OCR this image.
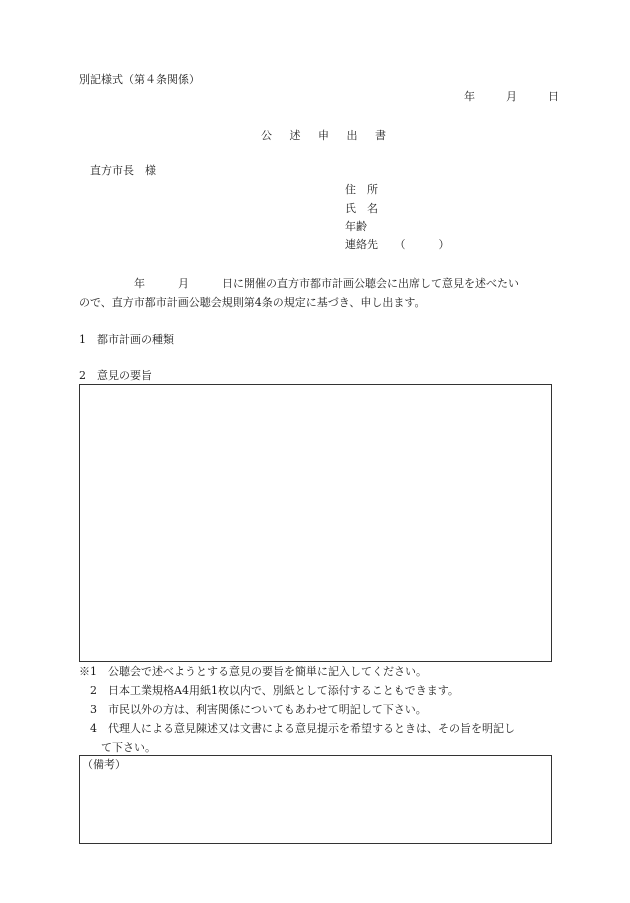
別記様式（第４条関係）
年	月	日
公 述 申 出 書
直方市長　様
住　所
氏　名
年齢
連絡先　　（　　　）
　　　　　年　　　月　　　日に開催の直方市都市計画公聴会に出席して意見を述べたい
ので、直方市都市計画公聴会規則第4条の規定に基づき、申し出ます。
1　都市計画の種類
2　意見の要旨
※1　公聴会で述べようとする意見の要旨を簡単に記入してください。
　2　日本工業規格A4用紙1枚以内で、別紙として添付することもできます。
　3　市民以外の方は、利害関係についてもあわせて明記して下さい。
　4　代理人による意見陳述又は文書による意見提示を希望するときは、その旨を明記し
　　て下さい。
（備考）
